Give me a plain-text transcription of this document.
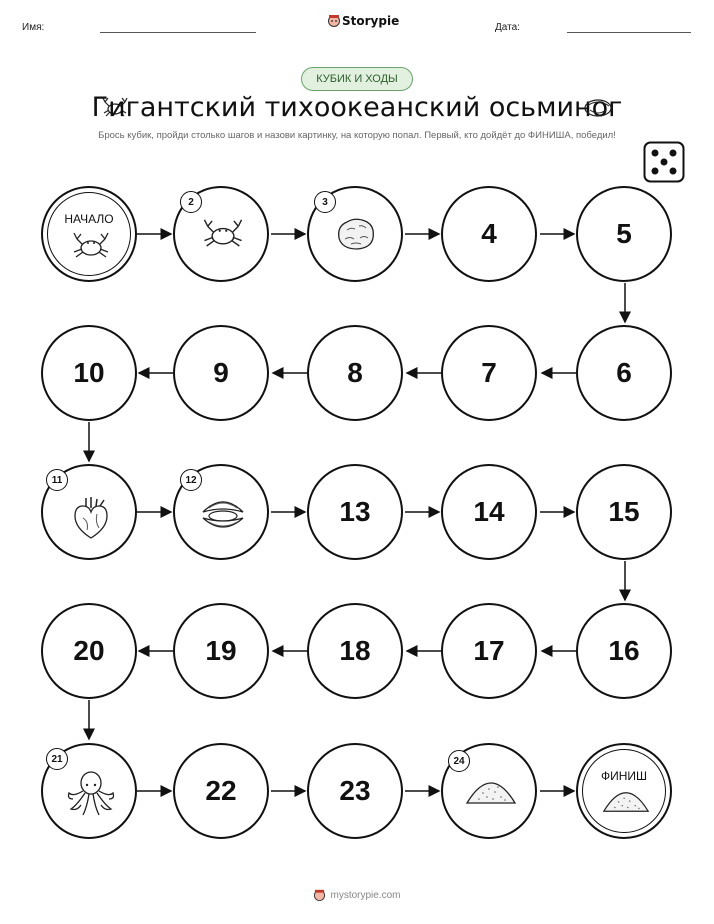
Имя:	Storypie	Дата:
КУБИК И ХОДЫ
Гигантский тихоокеанский осьминог
Брось кубик, пройди столько шагов и назови картинку, на которую попал. Первый, кто дойдёт до ФИНИША, победил!
НАЧАЛО
2	3
4	5
10	9	8	7	6
11	12
13	14	15
20	19	18	17	16
21
22	23
24
ФИНИШ
mystorypie.com
